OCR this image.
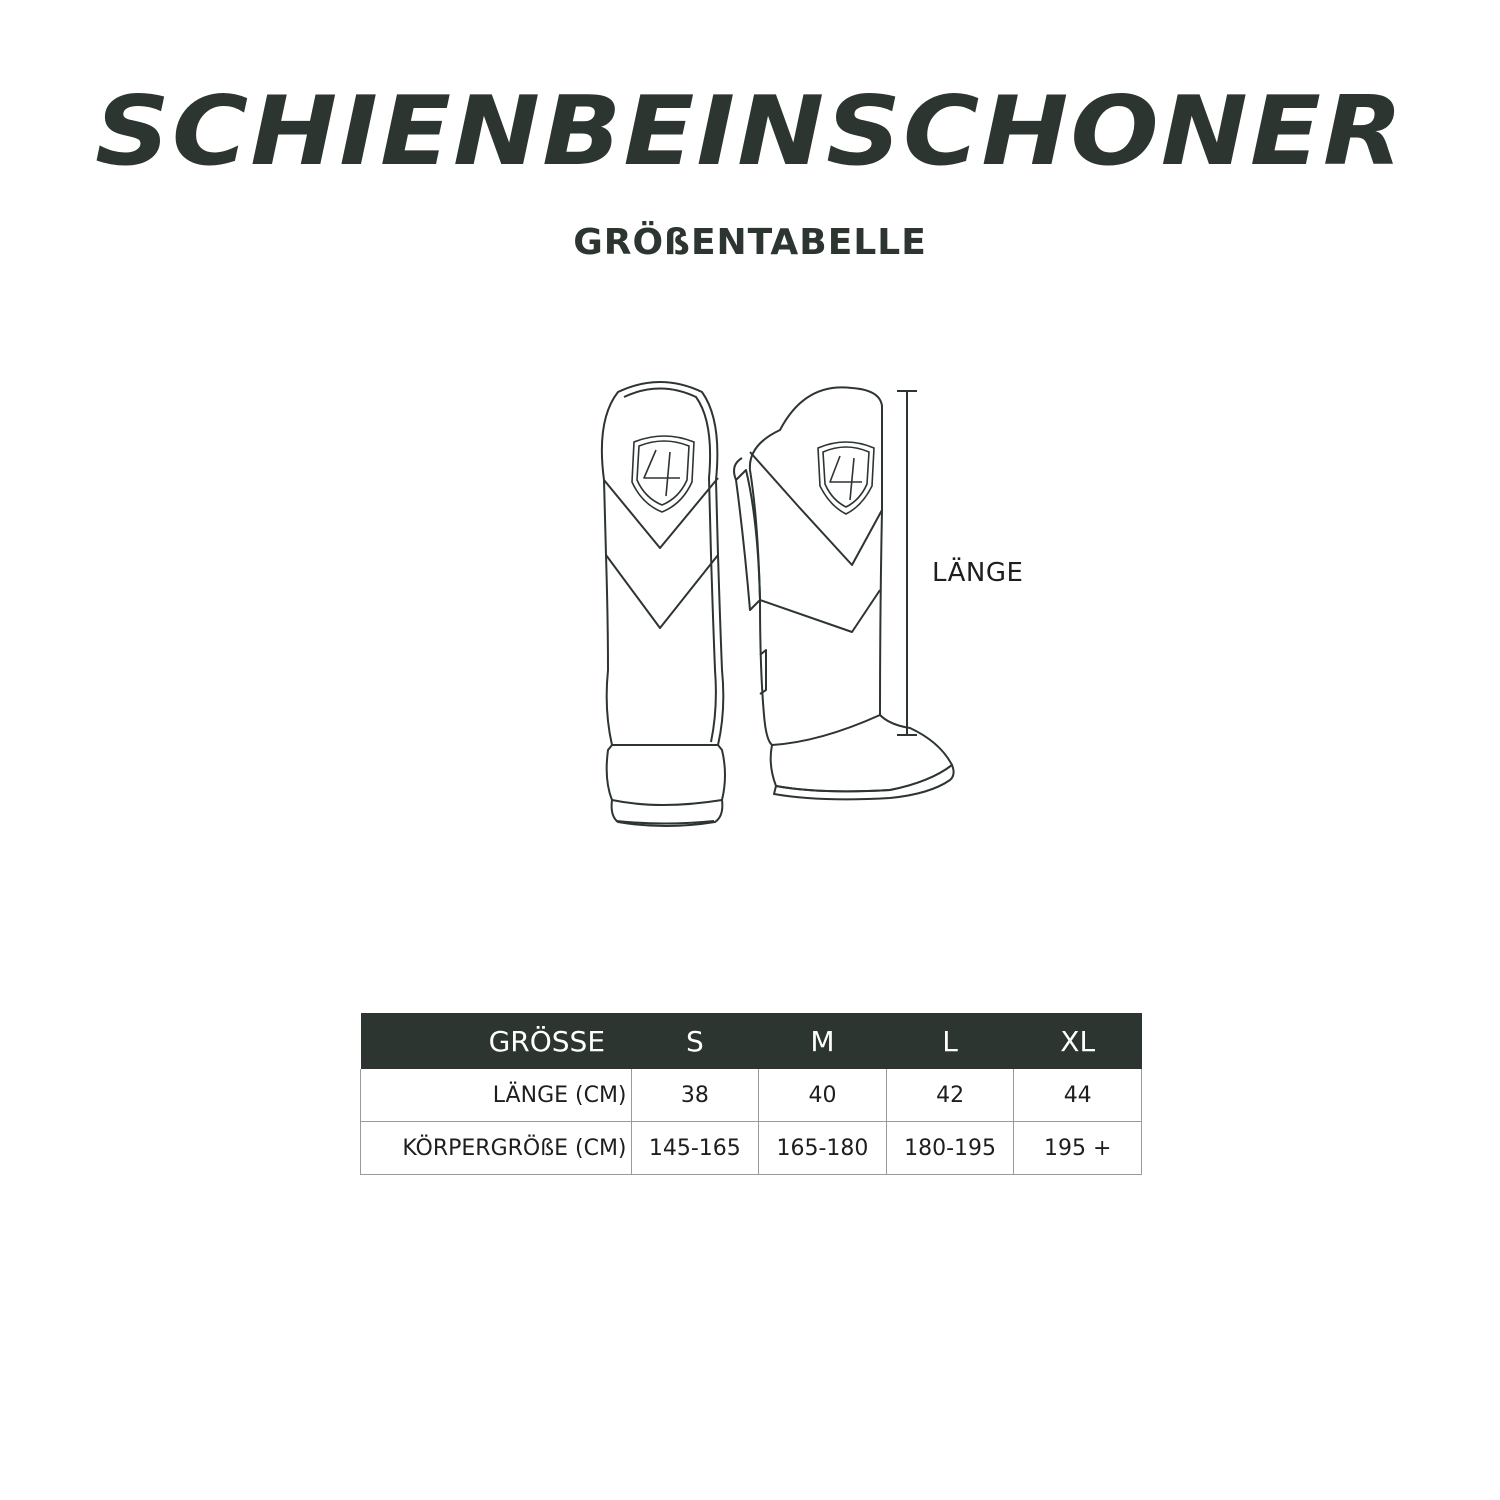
SCHIENBEINSCHONER
GRÖßENTABELLE
LÄNGE
GRÖSSE	S	M	L	XL
LÄNGE (CM)	38	40	42	44
KÖRPERGRÖßE (CM)	145-165	165-180	180-195	195 +
